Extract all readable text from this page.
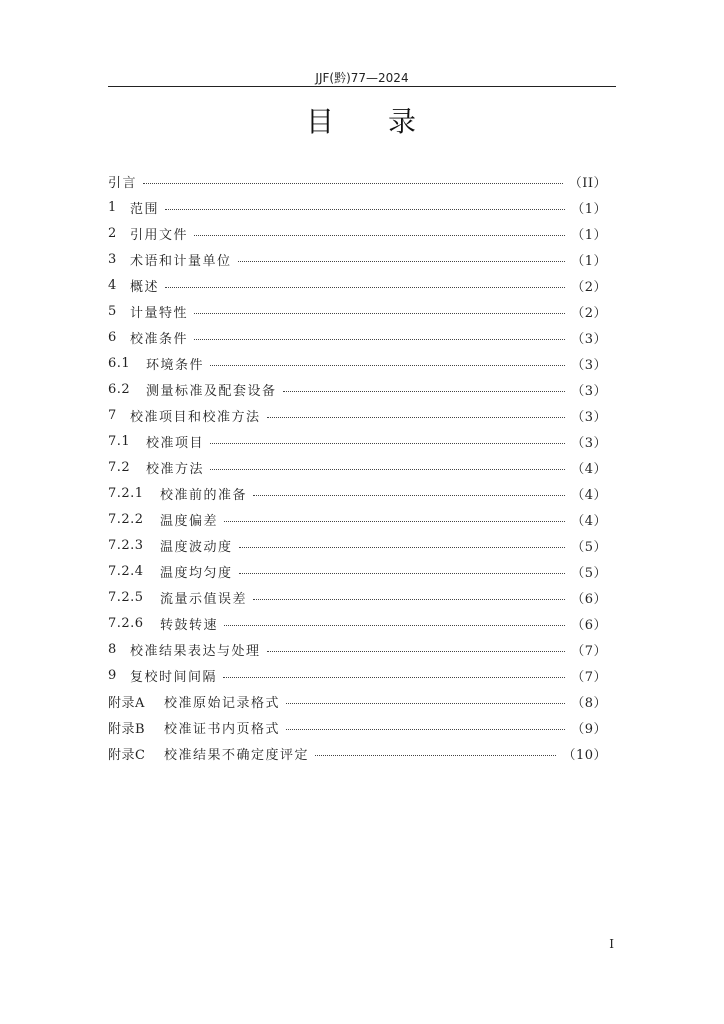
JJF(黔)77—2024
目 录
引言	（II）
1	范围	（1）
2	引用文件	（1）
3	术语和计量单位	（1）
4	概述	（2）
5	计量特性	（2）
6	校准条件	（3）
6.1	环境条件	（3）
6.2	测量标准及配套设备	（3）
7	校准项目和校准方法	（3）
7.1	校准项目	（3）
7.2	校准方法	（4）
7.2.1	校准前的准备	（4）
7.2.2	温度偏差	（4）
7.2.3	温度波动度	（5）
7.2.4	温度均匀度	（5）
7.2.5	流量示值误差	（6）
7.2.6	转鼓转速	（6）
8	校准结果表达与处理	（7）
9	复校时间间隔	（7）
附录A	校准原始记录格式	（8）
附录B	校准证书内页格式	（9）
附录C	校准结果不确定度评定	（10）
I
